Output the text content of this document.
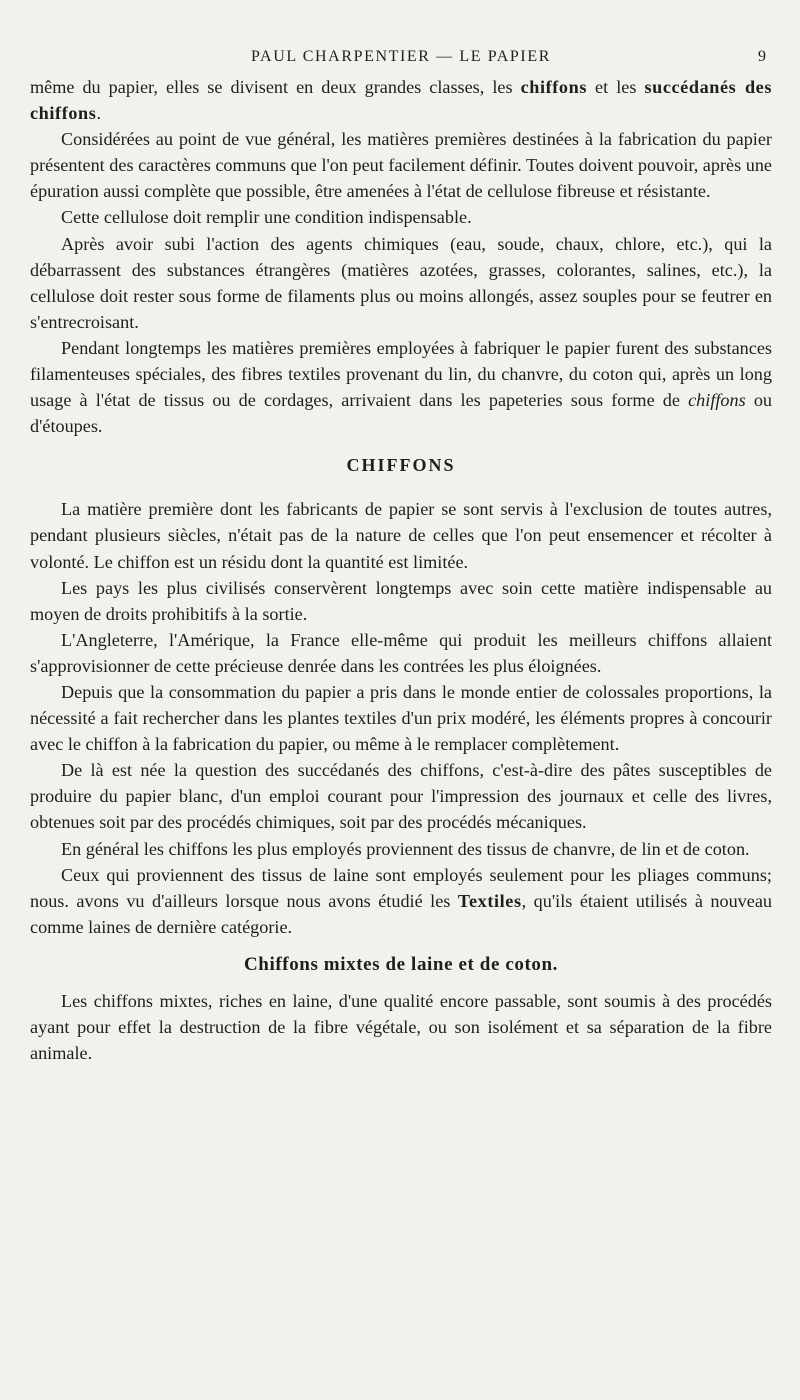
PAUL CHARPENTIER — LE PAPIER	9

même du papier, elles se divisent en deux grandes classes, les chiffons et les succédanés des chiffons.

Considérées au point de vue général, les matières premières destinées à la fabrication du papier présentent des caractères communs que l'on peut facilement définir. Toutes doivent pouvoir, après une épuration aussi complète que possible, être amenées à l'état de cellulose fibreuse et résistante.

Cette cellulose doit remplir une condition indispensable.

Après avoir subi l'action des agents chimiques (eau, soude, chaux, chlore, etc.), qui la débarrassent des substances étrangères (matières azotées, grasses, colorantes, salines, etc.), la cellulose doit rester sous forme de filaments plus ou moins allongés, assez souples pour se feutrer en s'entrecroisant.

Pendant longtemps les matières premières employées à fabriquer le papier furent des substances filamenteuses spéciales, des fibres textiles provenant du lin, du chanvre, du coton qui, après un long usage à l'état de tissus ou de cordages, arrivaient dans les papeteries sous forme de chiffons ou d'étoupes.

CHIFFONS

La matière première dont les fabricants de papier se sont servis à l'exclusion de toutes autres, pendant plusieurs siècles, n'était pas de la nature de celles que l'on peut ensemencer et récolter à volonté. Le chiffon est un résidu dont la quantité est limitée.

Les pays les plus civilisés conservèrent longtemps avec soin cette matière indispensable au moyen de droits prohibitifs à la sortie.

L'Angleterre, l'Amérique, la France elle-même qui produit les meilleurs chiffons allaient s'approvisionner de cette précieuse denrée dans les contrées les plus éloignées.

Depuis que la consommation du papier a pris dans le monde entier de colossales proportions, la nécessité a fait rechercher dans les plantes textiles d'un prix modéré, les éléments propres à concourir avec le chiffon à la fabrication du papier, ou même à le remplacer complètement.

De là est née la question des succédanés des chiffons, c'est-à-dire des pâtes susceptibles de produire du papier blanc, d'un emploi courant pour l'impression des journaux et celle des livres, obtenues soit par des procédés chimiques, soit par des procédés mécaniques.

En général les chiffons les plus employés proviennent des tissus de chanvre, de lin et de coton.

Ceux qui proviennent des tissus de laine sont employés seulement pour les pliages communs; nous. avons vu d'ailleurs lorsque nous avons étudié les Textiles, qu'ils étaient utilisés à nouveau comme laines de dernière catégorie.

Chiffons mixtes de laine et de coton.

Les chiffons mixtes, riches en laine, d'une qualité encore passable, sont soumis à des procédés ayant pour effet la destruction de la fibre végétale, ou son isolément et sa séparation de la fibre animale.
